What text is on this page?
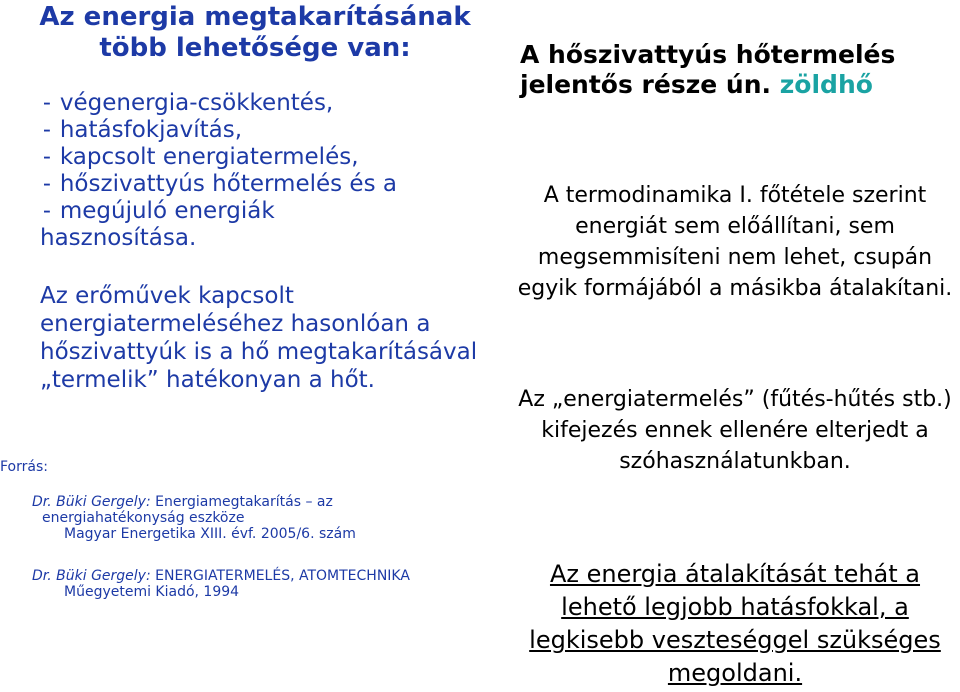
Az energia megtakarításának
több lehetősége van:
- végenergia-csökkentés,
- hatásfokjavítás,
- kapcsolt energiatermelés,
- hőszivattyús hőtermelés és a
- megújuló energiák
hasznosítása.
Az erőművek kapcsolt energiatermeléséhez hasonlóan a hőszivattyúk is a hő megtakarításával „termelik” hatékonyan a hőt.
Forrás:
Dr. Büki Gergely: Energiamegtakarítás – az
energiahatékonyság eszköze
Magyar Energetika XIII. évf. 2005/6. szám
Dr. Büki Gergely: ENERGIATERMELÉS, ATOMTECHNIKA
Műegyetemi Kiadó, 1994
A hőszivattyús hőtermelés jelentős része ún. zöldhő
A termodinamika I. főtétele szerint energiát sem előállítani, sem megsemmisíteni nem lehet, csupán egyik formájából a másikba átalakítani.
Az „energiatermelés” (fűtés-hűtés stb.) kifejezés ennek ellenére elterjedt a szóhasználatunkban.
Az energia átalakítását tehát a lehető legjobb hatásfokkal, a legkisebb veszteséggel szükséges megoldani.
